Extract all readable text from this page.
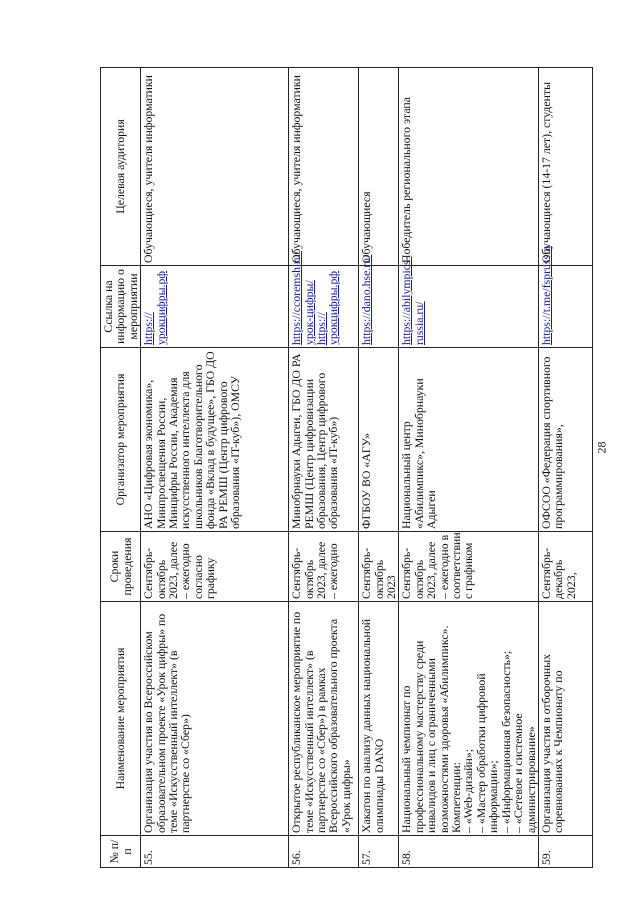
№ п/п	Наименование мероприятия	Сроки проведения	Организатор мероприятия	Ссылка на информацию о мероприятии	Целевая аудитория
55.	Организация участия во Всероссийском образовательном проекте «Урок цифры» по теме «Искусственный интеллект» (в партнерстве со «Сбер»)	Сентябрь-октябрь 2023, далее – ежегодно согласно графику	АНО «Цифровая экономика», Минпросвещения России, Минцифры России, Академия искусственного интеллекта для школьников Благотворительного фонда «Вклад в будущее», ГБО ДО РА РЕМШ (Центр цифрового образования «IT-куб»), ОМСУ	https://урокцифры.рф	Обучающиеся, учителя информатики
56.	Открытое республиканское мероприятие по теме «Искусственный интеллект» (в партнерстве со «Сбер») в рамках Всероссийского образовательного проекта «Урок цифры»	Сентябрь-октябрь 2023, далее – ежегодно	Минобрнауки Адыгеи, ГБО ДО РА РЕМШ (Центр цифровизации образования, Центр цифрового образования «IT-куб»)	https://ccoremsh.ru/урок-цифры/ https://урокцифры.рф	Обучающиеся, учителя информатики
57.	Хакатон по анализу данных национальной олимпиады DANO	Сентябрь-октябрь 2023	ФГБОУ ВО «АГУ»	https://dano.hse.ru/	Обучающиеся
58.	Национальный чемпионат по профессиональному мастерству среди инвалидов и лиц с ограниченными возможностями здоровья «Абилимпикс». Компетенции:
– «Web-дизайн»;
– «Мастер обработки цифровой информации»;
– «Информационная безопасность»;
– «Сетевое и системное администрирование»	Сентябрь-октябрь 2023, далее – ежегодно в соответствии с графиком	Национальный центр «Абилимпикс», Минобрнауки Адыгеи	https://abilympics-russia.ru/	Победитель регионального этапа
59.	Организация участия в отборочных соревнованиях к Чемпионату по	Сентябрь-декабрь 2023,	ОФСОО «Федерация спортивного программирования»,	https://t.me/fsprussia	Обучающиеся (14-17 лет), студенты
28
